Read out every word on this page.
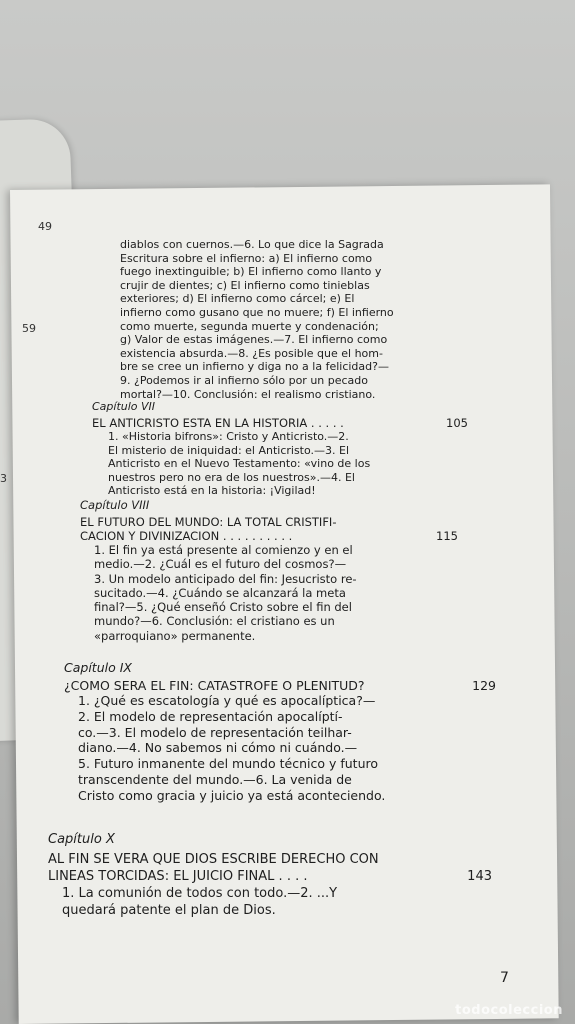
49
59
3
diablos con cuernos.—6. Lo que dice la Sagrada
Escritura sobre el infierno: a) El infierno como
fuego inextinguible; b) El infierno como llanto y
crujir de dientes; c) El infierno como tinieblas
exteriores; d) El infierno como cárcel; e) El
infierno como gusano que no muere; f) El infierno
como muerte, segunda muerte y condenación;
g) Valor de estas imágenes.—7. El infierno como
existencia absurda.—8. ¿Es posible que el hom-
bre se cree un infierno y diga no a la felicidad?—
9. ¿Podemos ir al infierno sólo por un pecado
mortal?—10. Conclusión: el realismo cristiano.
Capítulo VII
EL ANTICRISTO ESTA EN LA HISTORIA . . . . .	105
1. «Historia bifrons»: Cristo y Anticristo.—2.
El misterio de iniquidad: el Anticristo.—3. El
Anticristo en el Nuevo Testamento: «vino de los
nuestros pero no era de los nuestros».—4. El
Anticristo está en la historia: ¡Vigilad!
Capítulo VIII
EL FUTURO DEL MUNDO: LA TOTAL CRISTIFI-
CACION Y DIVINIZACION . . . . . . . . . .	115
1. El fin ya está presente al comienzo y en el
medio.—2. ¿Cuál es el futuro del cosmos?—
3. Un modelo anticipado del fin: Jesucristo re-
sucitado.—4. ¿Cuándo se alcanzará la meta
final?—5. ¿Qué enseñó Cristo sobre el fin del
mundo?—6. Conclusión: el cristiano es un
«parroquiano» permanente.
Capítulo IX
¿COMO SERA EL FIN: CATASTROFE O PLENITUD?	129
1. ¿Qué es escatología y qué es apocalíptica?—
2. El modelo de representación apocalíptí-
co.—3. El modelo de representación teilhar-
diano.—4. No sabemos ni cómo ni cuándo.—
5. Futuro inmanente del mundo técnico y futuro
transcendente del mundo.—6. La venida de
Cristo como gracia y juicio ya está aconteciendo.
Capítulo X
AL FIN SE VERA QUE DIOS ESCRIBE DERECHO CON
LINEAS TORCIDAS: EL JUICIO FINAL . . . .	143
1. La comunión de todos con todo.—2. ...Y
quedará patente el plan de Dios.
7
todocoleccion
